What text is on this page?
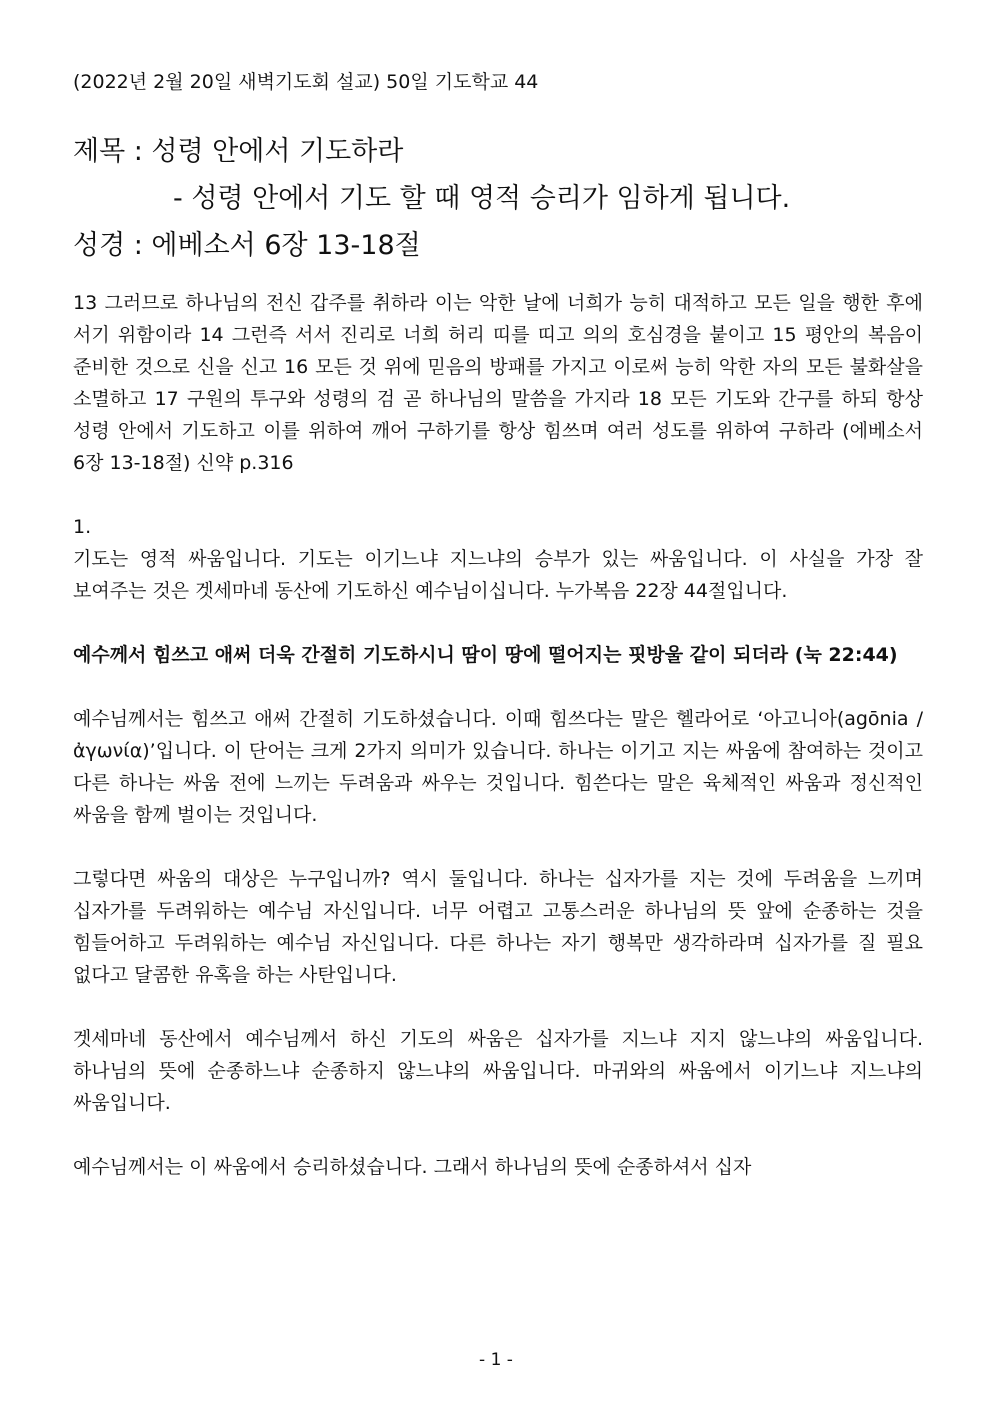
(2022년 2월 20일 새벽기도회 설교) 50일 기도학교 44
제목 : 성령 안에서 기도하라
- 성령 안에서 기도 할 때 영적 승리가 임하게 됩니다.
성경 : 에베소서 6장 13-18절
13 그러므로 하나님의 전신 갑주를 취하라 이는 악한 날에 너희가 능히 대적하고 모든 일을 행한 후에 서기 위함이라 14 그런즉 서서 진리로 너희 허리 띠를 띠고 의의 호심경을 붙이고 15 평안의 복음이 준비한 것으로 신을 신고 16 모든 것 위에 믿음의 방패를 가지고 이로써 능히 악한 자의 모든 불화살을 소멸하고 17 구원의 투구와 성령의 검 곧 하나님의 말씀을 가지라 18 모든 기도와 간구를 하되 항상 성령 안에서 기도하고 이를 위하여 깨어 구하기를 항상 힘쓰며 여러 성도를 위하여 구하라 (에베소서 6장 13-18절) 신약 p.316
1.
기도는 영적 싸움입니다. 기도는 이기느냐 지느냐의 승부가 있는 싸움입니다. 이 사실을 가장 잘 보여주는 것은 겟세마네 동산에 기도하신 예수님이십니다. 누가복음 22장 44절입니다.
예수께서 힘쓰고 애써 더욱 간절히 기도하시니 땀이 땅에 떨어지는 핏방울 같이 되더라 (눅 22:44)
예수님께서는 힘쓰고 애써 간절히 기도하셨습니다. 이때 힘쓰다는 말은 헬라어로 ‘아고니아(agōnia / ἀγωνία)’입니다. 이 단어는 크게 2가지 의미가 있습니다. 하나는 이기고 지는 싸움에 참여하는 것이고 다른 하나는 싸움 전에 느끼는 두려움과 싸우는 것입니다. 힘쓴다는 말은 육체적인 싸움과 정신적인 싸움을 함께 벌이는 것입니다.
그렇다면 싸움의 대상은 누구입니까? 역시 둘입니다. 하나는 십자가를 지는 것에 두려움을 느끼며 십자가를 두려워하는 예수님 자신입니다. 너무 어렵고 고통스러운 하나님의 뜻 앞에 순종하는 것을 힘들어하고 두려워하는 예수님 자신입니다. 다른 하나는 자기 행복만 생각하라며 십자가를 질 필요 없다고 달콤한 유혹을 하는 사탄입니다.
겟세마네 동산에서 예수님께서 하신 기도의 싸움은 십자가를 지느냐 지지 않느냐의 싸움입니다. 하나님의 뜻에 순종하느냐 순종하지 않느냐의 싸움입니다. 마귀와의 싸움에서 이기느냐 지느냐의 싸움입니다.
예수님께서는 이 싸움에서 승리하셨습니다. 그래서 하나님의 뜻에 순종하셔서 십자
- 1 -
